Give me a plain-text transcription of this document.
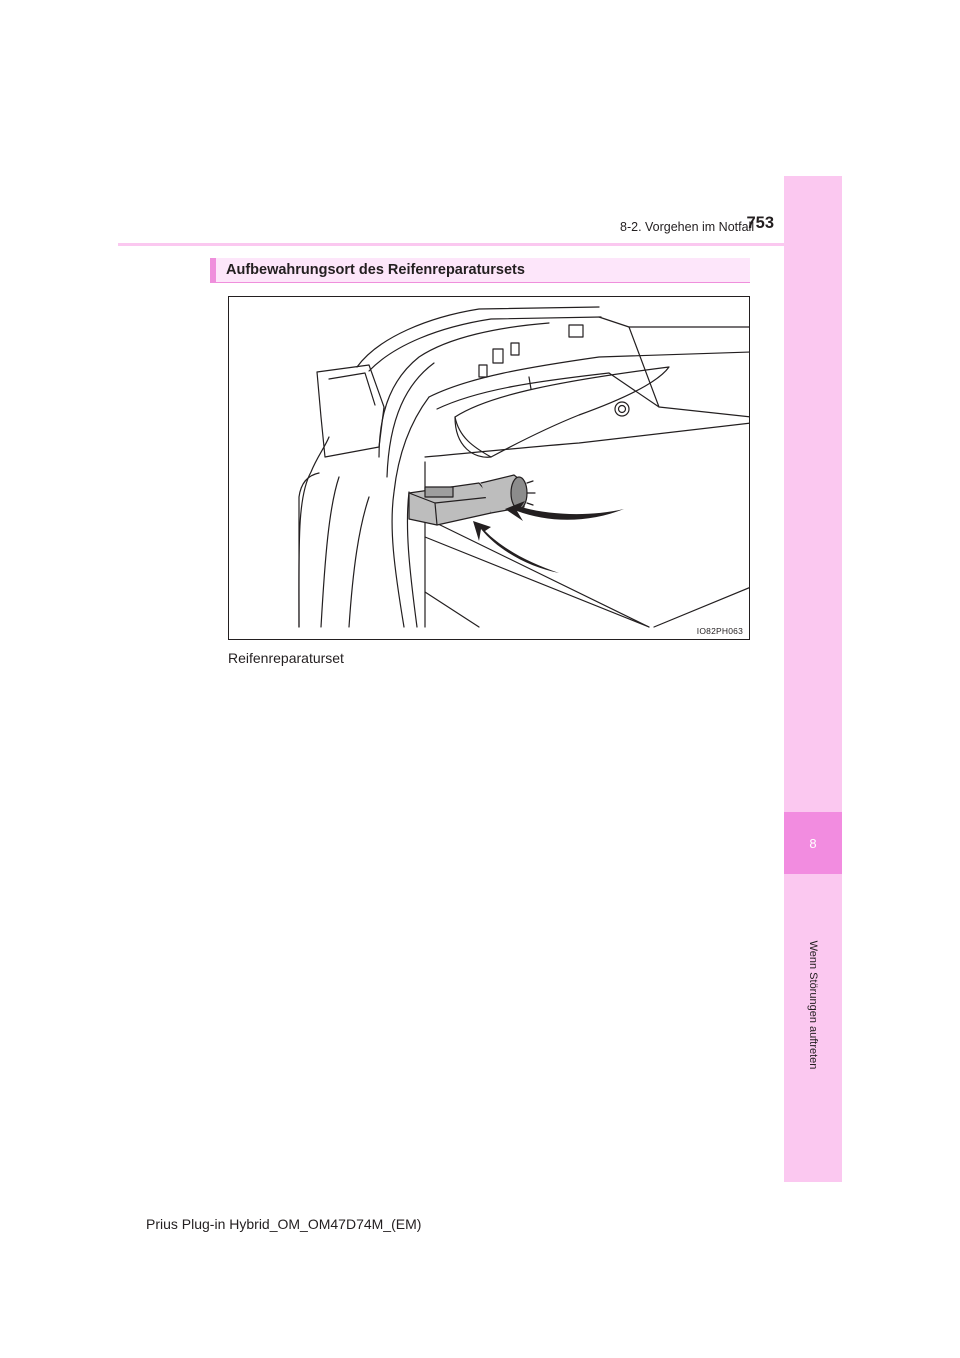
8
Wenn Störungen auftreten
8-2. Vorgehen im Notfall
753
Aufbewahrungsort des Reifenreparatursets
IO82PH063
Reifenreparaturset
Prius Plug-in Hybrid_OM_OM47D74M_(EM)
